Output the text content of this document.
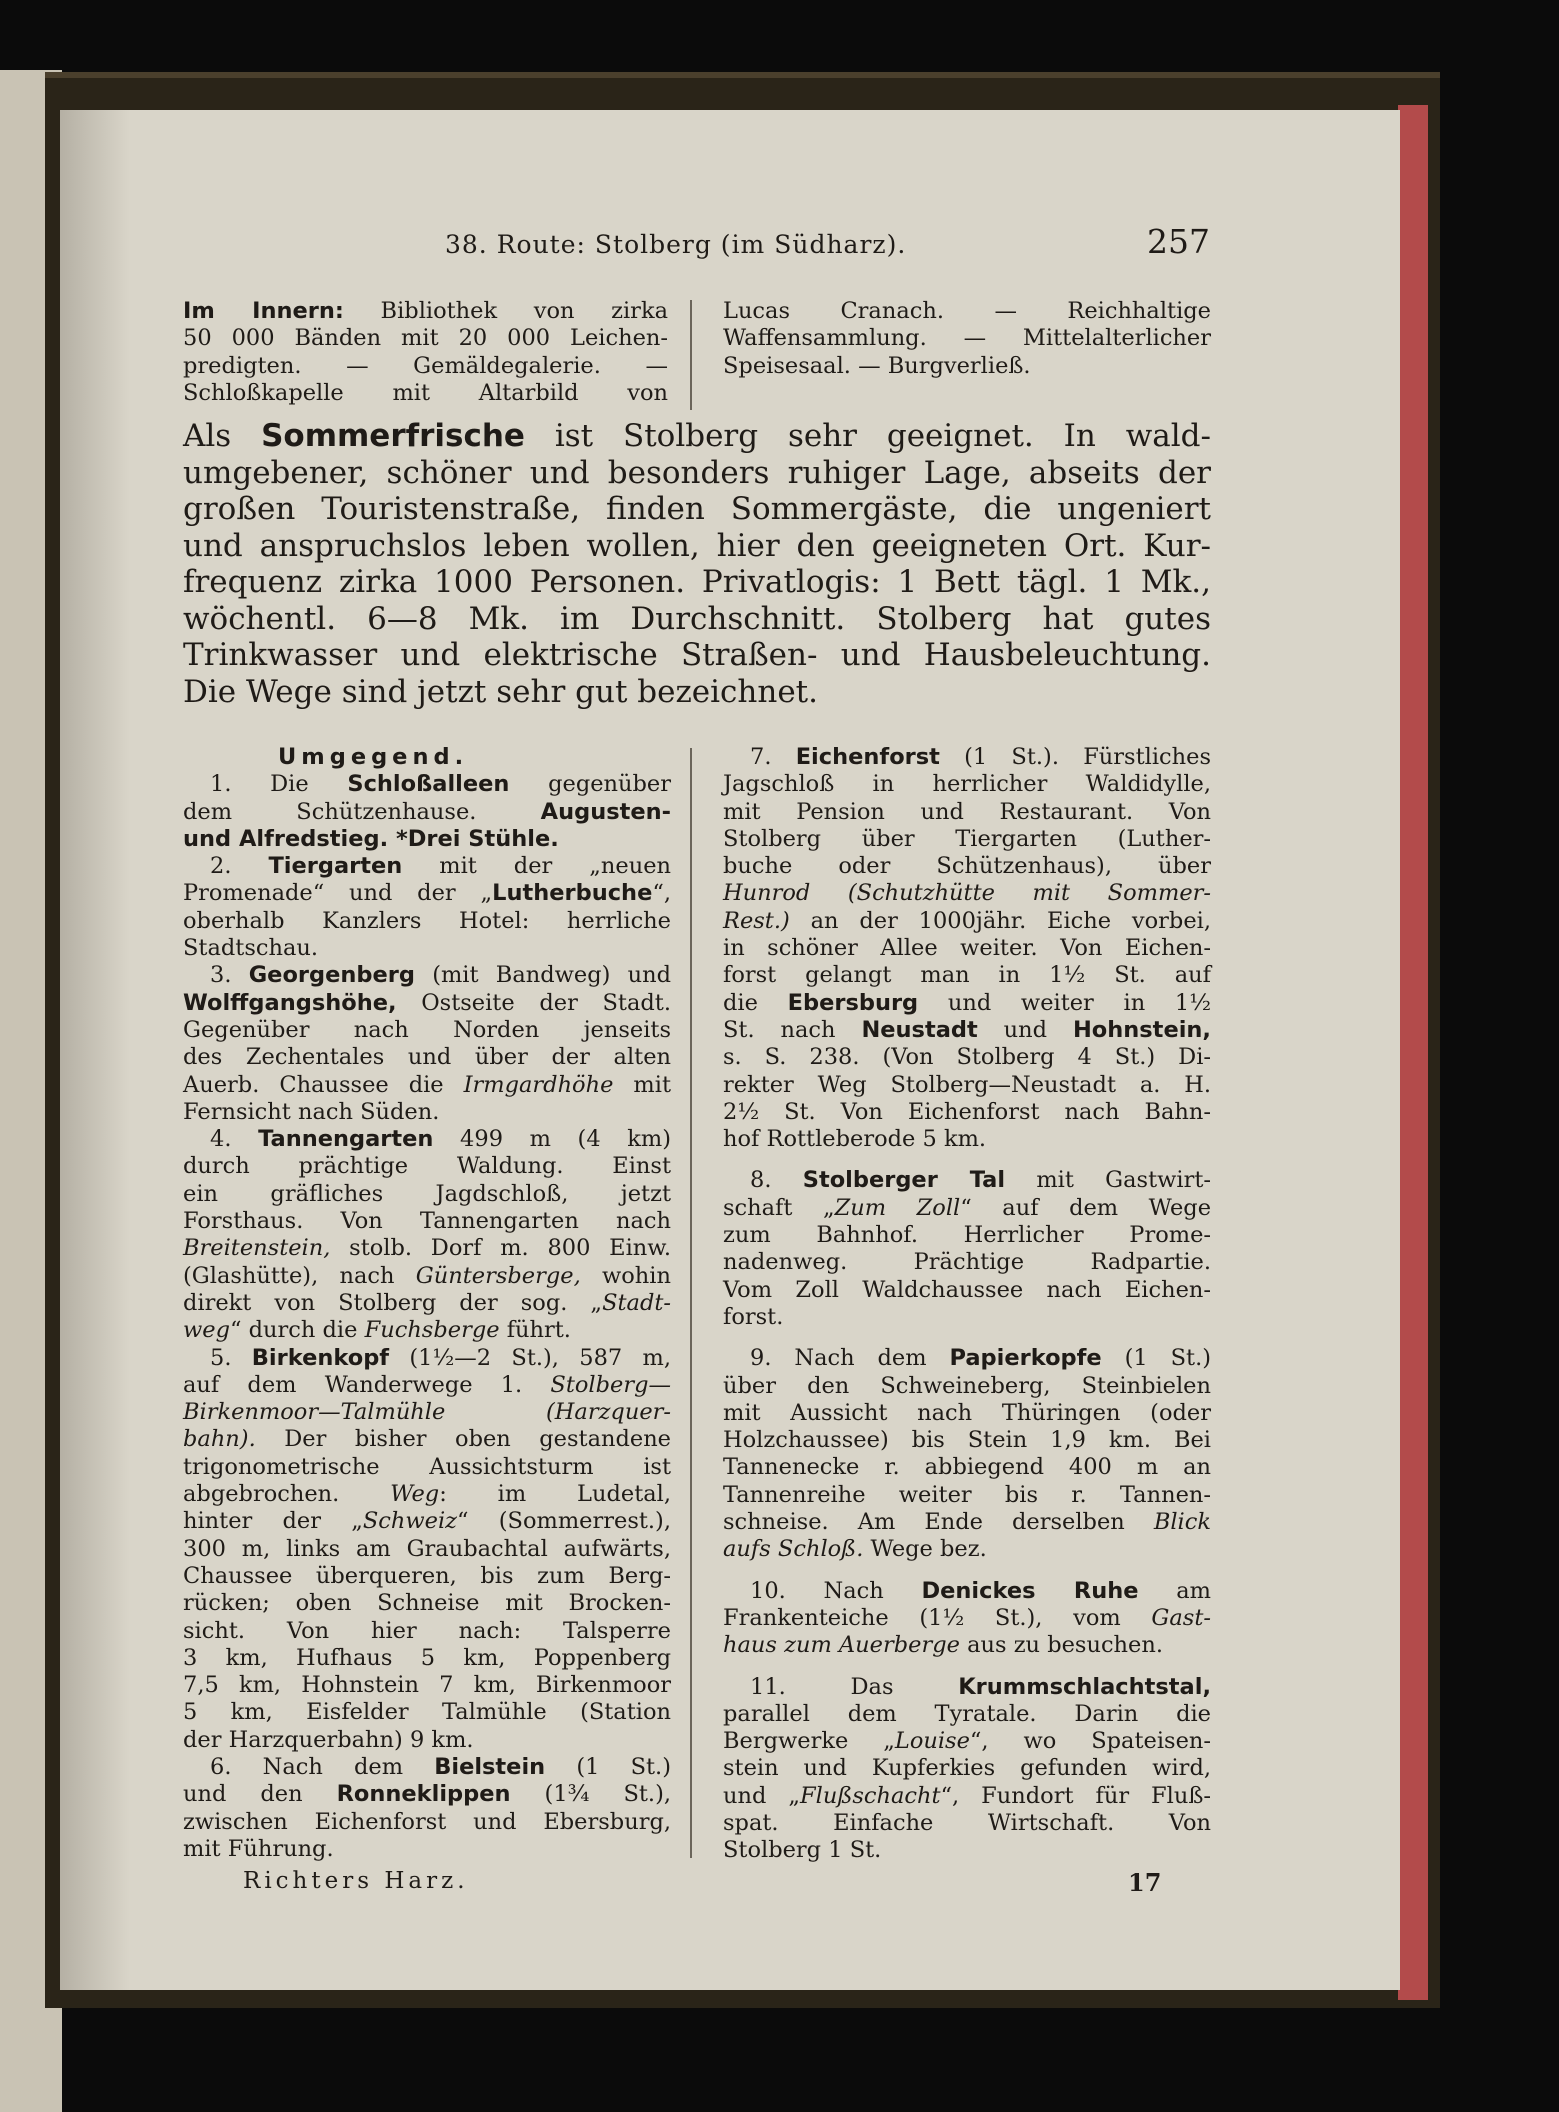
38. Route: Stolberg (im Südharz).	257

Im Innern: Bibliothek von zirka

50 000 Bänden mit 20 000 Leichen-

predigten. — Gemäldegalerie. —

Schloßkapelle mit Altarbild von

Lucas Cranach. — Reichhaltige

Waffensammlung. — Mittelalterlicher

Speisesaal. — Burgverließ.

Als Sommerfrische ist Stolberg sehr geeignet. In wald-
umgebener, schöner und besonders ruhiger Lage, abseits der
großen Touristenstraße, finden Sommergäste, die ungeniert
und anspruchslos leben wollen, hier den geeigneten Ort. Kur-
frequenz zirka 1000 Personen. Privatlogis: 1 Bett tägl. 1 Mk.,
wöchentl. 6—8 Mk. im Durchschnitt. Stolberg hat gutes
Trinkwasser und elektrische Straßen- und Hausbeleuchtung.
Die Wege sind jetzt sehr gut bezeichnet.

Umgegend.

1. Die Schloßalleen gegenüber

dem Schützenhause. Augusten-

und Alfredstieg. *Drei Stühle.

2. Tiergarten mit der „neuen

Promenade“ und der „Lutherbuche“,

oberhalb Kanzlers Hotel: herrliche

Stadtschau.

3. Georgenberg (mit Bandweg) und

Wolffgangshöhe, Ostseite der Stadt.

Gegenüber nach Norden jenseits

des Zechentales und über der alten

Auerb. Chaussee die Irmgardhöhe mit

Fernsicht nach Süden.

4. Tannengarten 499 m (4 km)

durch prächtige Waldung. Einst

ein gräfliches Jagdschloß, jetzt

Forsthaus. Von Tannengarten nach

Breitenstein, stolb. Dorf m. 800 Einw.

(Glashütte), nach Güntersberge, wohin

direkt von Stolberg der sog. „Stadt-

weg“ durch die Fuchsberge führt.

5. Birkenkopf (1½—2 St.), 587 m,

auf dem Wanderwege 1. Stolberg—

Birkenmoor—Talmühle (Harzquer-

bahn). Der bisher oben gestandene

trigonometrische Aussichtsturm ist

abgebrochen. Weg: im Ludetal,

hinter der „Schweiz“ (Sommerrest.),

300 m, links am Graubachtal aufwärts,

Chaussee überqueren, bis zum Berg-

rücken; oben Schneise mit Brocken-

sicht. Von hier nach: Talsperre

3 km, Hufhaus 5 km, Poppenberg

7,5 km, Hohnstein 7 km, Birkenmoor

5 km, Eisfelder Talmühle (Station

der Harzquerbahn) 9 km.

6. Nach dem Bielstein (1 St.)

und den Ronneklippen (1¾ St.),

zwischen Eichenforst und Ebersburg,

mit Führung.

7. Eichenforst (1 St.). Fürstliches

Jagschloß in herrlicher Waldidylle,

mit Pension und Restaurant. Von

Stolberg über Tiergarten (Luther-

buche oder Schützenhaus), über

Hunrod (Schutzhütte mit Sommer-

Rest.) an der 1000jähr. Eiche vorbei,

in schöner Allee weiter. Von Eichen-

forst gelangt man in 1½ St. auf

die Ebersburg und weiter in 1½

St. nach Neustadt und Hohnstein,

s. S. 238. (Von Stolberg 4 St.) Di-

rekter Weg Stolberg—Neustadt a. H.

2½ St. Von Eichenforst nach Bahn-

hof Rottleberode 5 km.

8. Stolberger Tal mit Gastwirt-

schaft „Zum Zoll“ auf dem Wege

zum Bahnhof. Herrlicher Prome-

nadenweg. Prächtige Radpartie.

Vom Zoll Waldchaussee nach Eichen-

forst.

9. Nach dem Papierkopfe (1 St.)

über den Schweineberg, Steinbielen

mit Aussicht nach Thüringen (oder

Holzchaussee) bis Stein 1,9 km. Bei

Tannenecke r. abbiegend 400 m an

Tannenreihe weiter bis r. Tannen-

schneise. Am Ende derselben Blick

aufs Schloß. Wege bez.

10. Nach Denickes Ruhe am

Frankenteiche (1½ St.), vom Gast-

haus zum Auerberge aus zu besuchen.

11. Das Krummschlachtstal,

parallel dem Tyratale. Darin die

Bergwerke „Louise“, wo Spateisen-

stein und Kupferkies gefunden wird,

und „Flußschacht“, Fundort für Fluß-

spat. Einfache Wirtschaft. Von

Stolberg 1 St.

Richters Harz.	17
